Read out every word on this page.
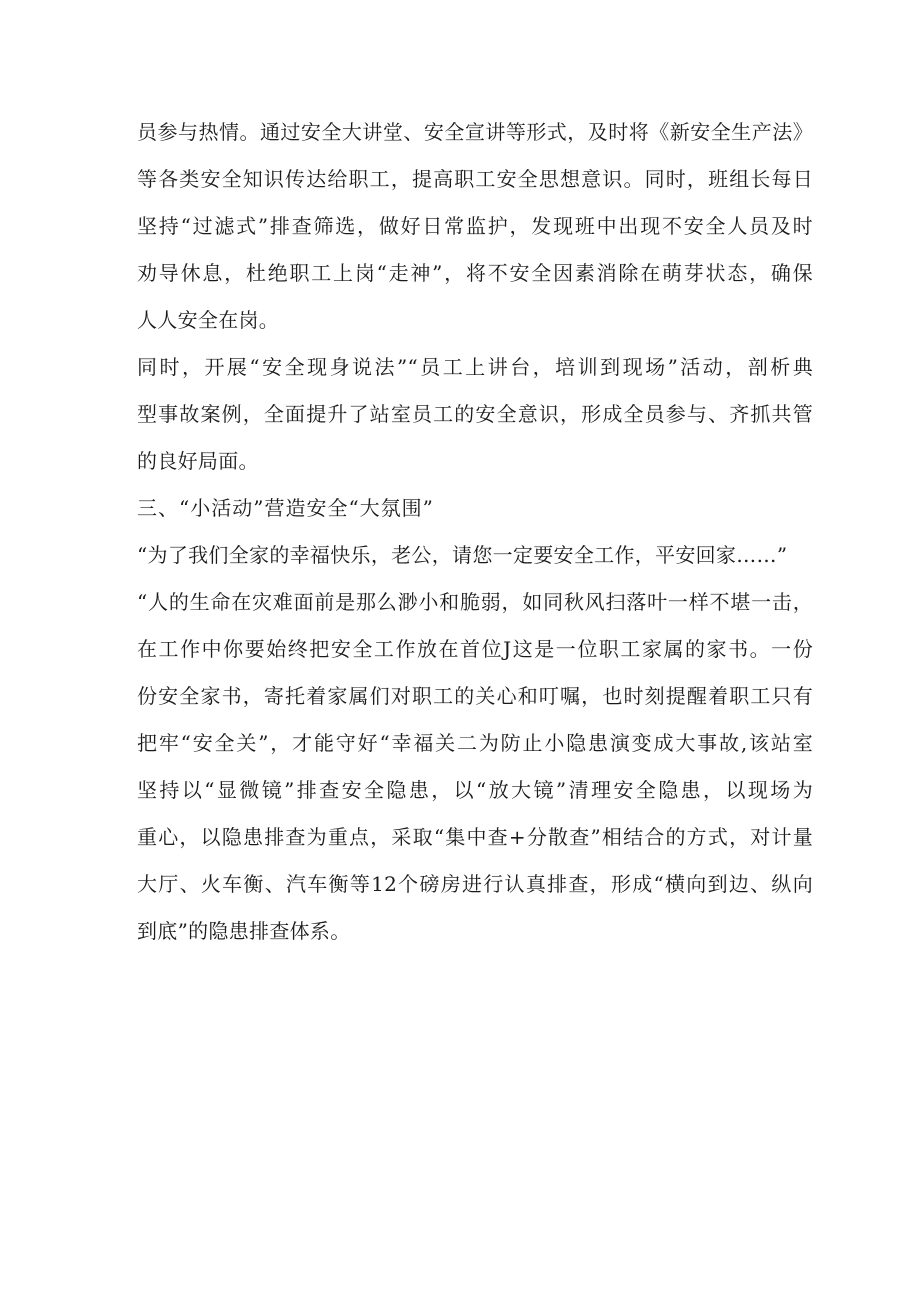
员参与热情。通过安全大讲堂、安全宣讲等形式，及时将《新安全生产法》
等各类安全知识传达给职工，提高职工安全思想意识。同时，班组长每日
坚持“过滤式”排查筛选，做好日常监护，发现班中出现不安全人员及时
劝导休息，杜绝职工上岗“走神”，将不安全因素消除在萌芽状态，确保
人人安全在岗。
同时，开展“安全现身说法”“员工上讲台，培训到现场”活动，剖析典
型事故案例，全面提升了站室员工的安全意识，形成全员参与、齐抓共管
的良好局面。
三、“小活动”营造安全“大氛围”
“为了我们全家的幸福快乐，老公，请您一定要安全工作，平安回家……”
“人的生命在灾难面前是那么渺小和脆弱，如同秋风扫落叶一样不堪一击，
在工作中你要始终把安全工作放在首位J这是一位职工家属的家书。一份
份安全家书，寄托着家属们对职工的关心和叮嘱，也时刻提醒着职工只有
把牢“安全关”，才能守好“幸福关二为防止小隐患演变成大事故,该站室
坚持以“显微镜”排查安全隐患，以“放大镜”清理安全隐患，以现场为
重心，以隐患排查为重点，采取“集中查+分散查”相结合的方式，对计量
大厅、火车衡、汽车衡等12个磅房进行认真排查，形成“横向到边、纵向
到底”的隐患排查体系。
